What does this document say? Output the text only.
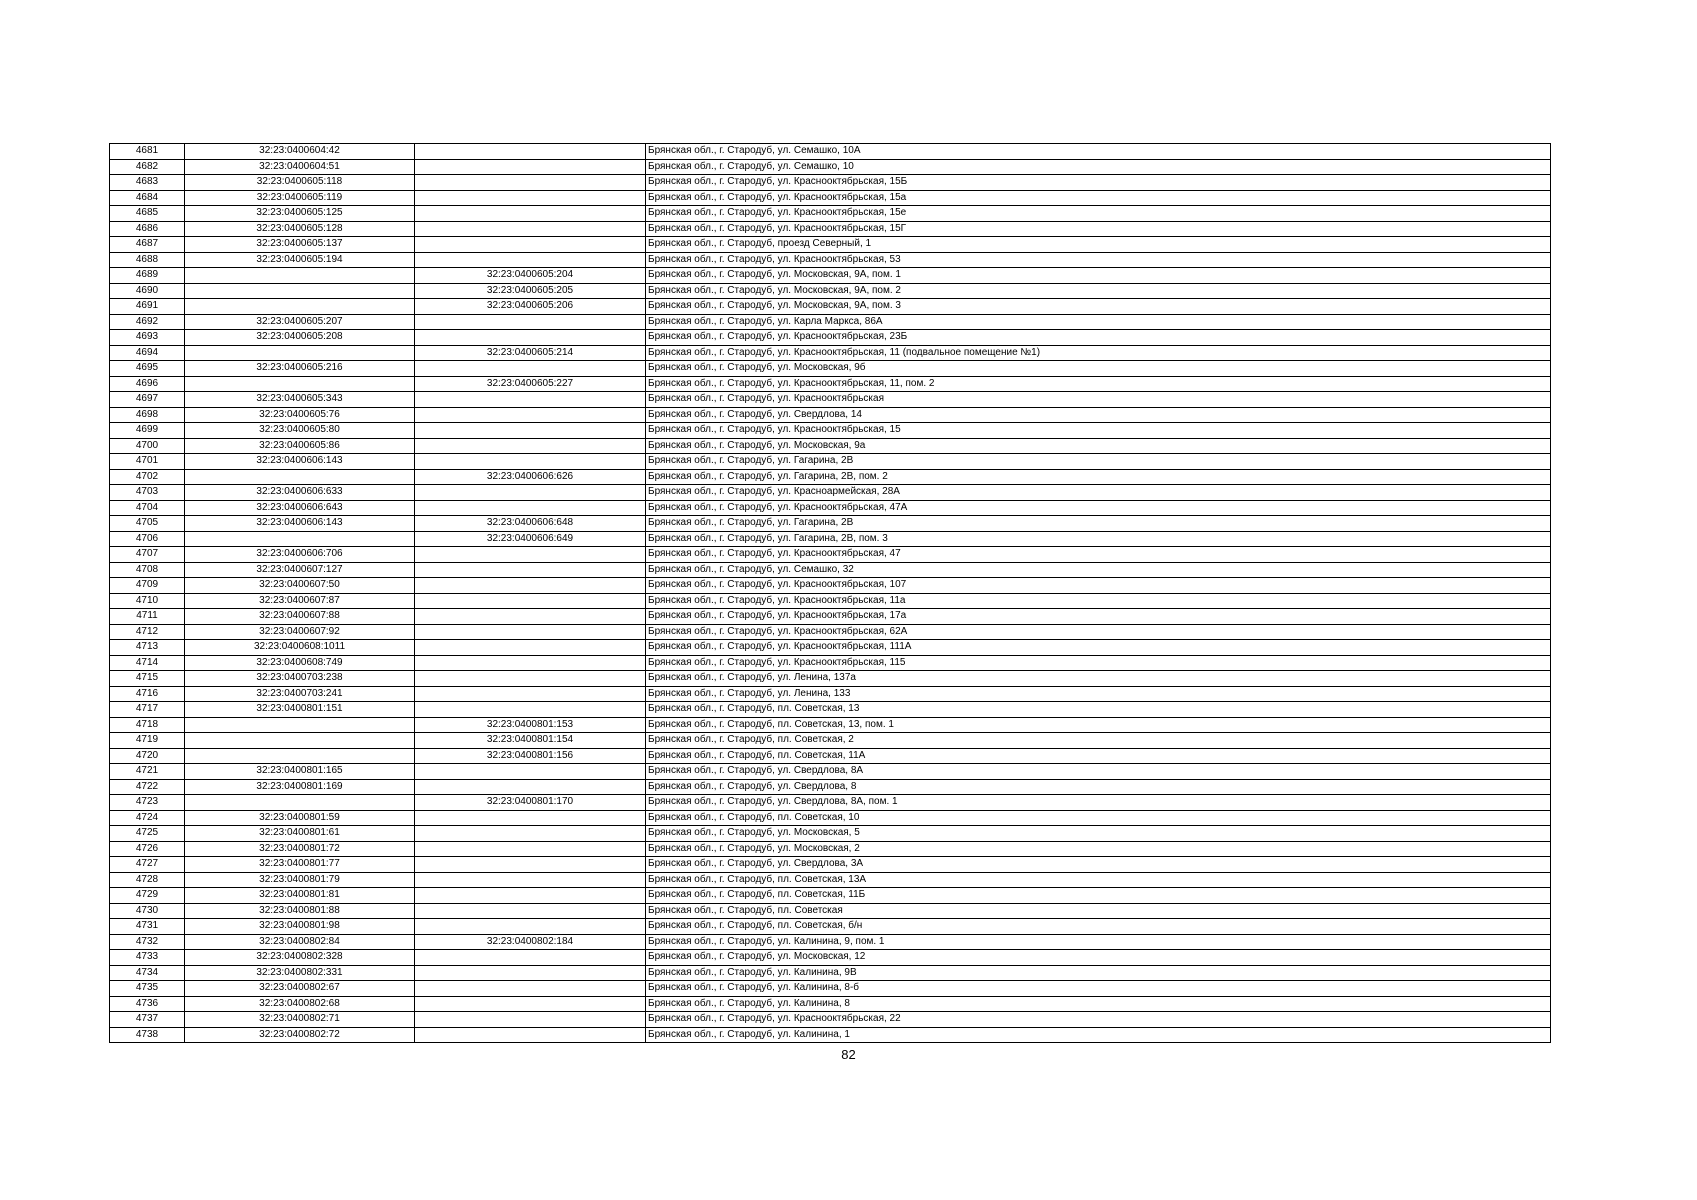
4681	32:23:0400604:42		Брянская обл., г. Стародуб, ул. Семашко, 10А
4682	32:23:0400604:51		Брянская обл., г. Стародуб, ул. Семашко, 10
4683	32:23:0400605:118		Брянская обл., г. Стародуб, ул. Краснооктябрьская, 15Б
4684	32:23:0400605:119		Брянская обл., г. Стародуб, ул. Краснооктябрьская, 15а
4685	32:23:0400605:125		Брянская обл., г. Стародуб, ул. Краснооктябрьская, 15е
4686	32:23:0400605:128		Брянская обл., г. Стародуб, ул. Краснооктябрьская, 15Г
4687	32:23:0400605:137		Брянская обл., г. Стародуб, проезд Северный, 1
4688	32:23:0400605:194		Брянская обл., г. Стародуб, ул. Краснооктябрьская, 53
4689		32:23:0400605:204	Брянская обл., г. Стародуб, ул. Московская, 9А, пом. 1
4690		32:23:0400605:205	Брянская обл., г. Стародуб, ул. Московская, 9А, пом. 2
4691		32:23:0400605:206	Брянская обл., г. Стародуб, ул. Московская, 9А, пом. 3
4692	32:23:0400605:207		Брянская обл., г. Стародуб, ул. Карла Маркса, 86А
4693	32:23:0400605:208		Брянская обл., г. Стародуб, ул. Краснооктябрьская, 23Б
4694		32:23:0400605:214	Брянская обл., г. Стародуб, ул. Краснооктябрьская, 11 (подвальное помещение №1)
4695	32:23:0400605:216		Брянская обл., г. Стародуб, ул. Московская, 9б
4696		32:23:0400605:227	Брянская обл., г. Стародуб, ул. Краснооктябрьская, 11, пом. 2
4697	32:23:0400605:343		Брянская обл., г. Стародуб, ул. Краснооктябрьская
4698	32:23:0400605:76		Брянская обл., г. Стародуб, ул. Свердлова, 14
4699	32:23:0400605:80		Брянская обл., г. Стародуб, ул. Краснооктябрьская, 15
4700	32:23:0400605:86		Брянская обл., г. Стародуб, ул. Московская, 9а
4701	32:23:0400606:143		Брянская обл., г. Стародуб, ул. Гагарина, 2В
4702		32:23:0400606:626	Брянская обл., г. Стародуб, ул. Гагарина, 2В, пом. 2
4703	32:23:0400606:633		Брянская обл., г. Стародуб, ул. Красноармейская, 28А
4704	32:23:0400606:643		Брянская обл., г. Стародуб, ул. Краснооктябрьская, 47А
4705	32:23:0400606:143	32:23:0400606:648	Брянская обл., г. Стародуб, ул. Гагарина, 2В
4706		32:23:0400606:649	Брянская обл., г. Стародуб, ул. Гагарина, 2В, пом. 3
4707	32:23:0400606:706		Брянская обл., г. Стародуб, ул. Краснооктябрьская, 47
4708	32:23:0400607:127		Брянская обл., г. Стародуб, ул. Семашко, 32
4709	32:23:0400607:50		Брянская обл., г. Стародуб, ул. Краснооктябрьская, 107
4710	32:23:0400607:87		Брянская обл., г. Стародуб, ул. Краснооктябрьская, 11а
4711	32:23:0400607:88		Брянская обл., г. Стародуб, ул. Краснооктябрьская, 17а
4712	32:23:0400607:92		Брянская обл., г. Стародуб, ул. Краснооктябрьская, 62А
4713	32:23:0400608:1011		Брянская обл., г. Стародуб, ул. Краснооктябрьская, 111А
4714	32:23:0400608:749		Брянская обл., г. Стародуб, ул. Краснооктябрьская, 115
4715	32:23:0400703:238		Брянская обл., г. Стародуб, ул. Ленина, 137а
4716	32:23:0400703:241		Брянская обл., г. Стародуб, ул. Ленина, 133
4717	32:23:0400801:151		Брянская обл., г. Стародуб, пл. Советская, 13
4718		32:23:0400801:153	Брянская обл., г. Стародуб, пл. Советская, 13, пом. 1
4719		32:23:0400801:154	Брянская обл., г. Стародуб, пл. Советская, 2
4720		32:23:0400801:156	Брянская обл., г. Стародуб, пл. Советская, 11А
4721	32:23:0400801:165		Брянская обл., г. Стародуб, ул. Свердлова, 8А
4722	32:23:0400801:169		Брянская обл., г. Стародуб, ул. Свердлова, 8
4723		32:23:0400801:170	Брянская обл., г. Стародуб, ул. Свердлова, 8А, пом. 1
4724	32:23:0400801:59		Брянская обл., г. Стародуб, пл. Советская, 10
4725	32:23:0400801:61		Брянская обл., г. Стародуб, ул. Московская, 5
4726	32:23:0400801:72		Брянская обл., г. Стародуб, ул. Московская, 2
4727	32:23:0400801:77		Брянская обл., г. Стародуб, ул. Свердлова, 3А
4728	32:23:0400801:79		Брянская обл., г. Стародуб, пл. Советская, 13А
4729	32:23:0400801:81		Брянская обл., г. Стародуб, пл. Советская, 11Б
4730	32:23:0400801:88		Брянская обл., г. Стародуб, пл. Советская
4731	32:23:0400801:98		Брянская обл., г. Стародуб, пл. Советская, б/н
4732	32:23:0400802:84	32:23:0400802:184	Брянская обл., г. Стародуб, ул. Калинина, 9, пом. 1
4733	32:23:0400802:328		Брянская обл., г. Стародуб, ул. Московская, 12
4734	32:23:0400802:331		Брянская обл., г. Стародуб, ул. Калинина, 9В
4735	32:23:0400802:67		Брянская обл., г. Стародуб, ул. Калинина, 8-б
4736	32:23:0400802:68		Брянская обл., г. Стародуб, ул. Калинина, 8
4737	32:23:0400802:71		Брянская обл., г. Стародуб, ул. Краснооктябрьская, 22
4738	32:23:0400802:72		Брянская обл., г. Стародуб, ул. Калинина, 1
82
